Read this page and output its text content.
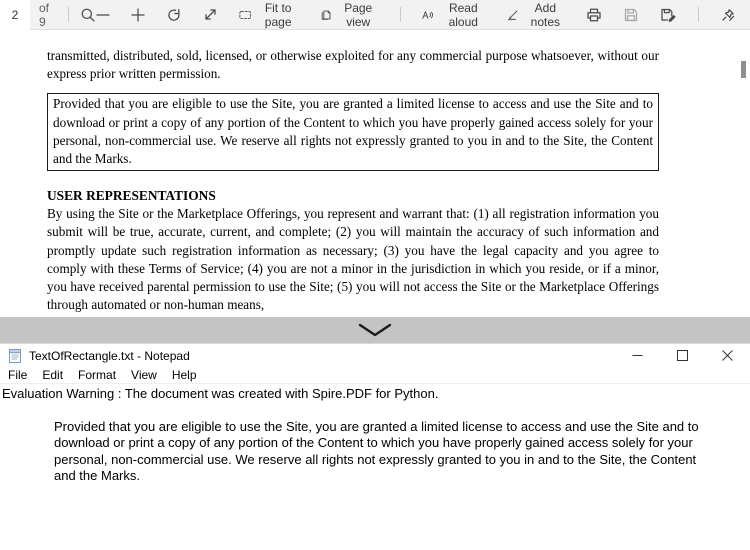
2
of 9
Fit to page
Page view
Read aloud
Add notes

transmitted, distributed, sold, licensed, or otherwise exploited for any commercial purpose whatsoever, without our express prior written permission.

Provided that you are eligible to use the Site, you are granted a limited license to access and use the Site and to download or print a copy of any portion of the Content to which you have properly gained access solely for your personal, non-commercial use. We reserve all rights not expressly granted to you in and to the Site, the Content and the Marks.
USER REPRESENTATIONS

By using the Site or the Marketplace Offerings, you represent and warrant that: (1) all registration information you submit will be true, accurate, current, and complete; (2) you will maintain the accuracy of such information and promptly update such registration information as necessary; (3) you have the legal capacity and you agree to comply with these Terms of Service; (4) you are not a minor in the jurisdiction in which you reside, or if a minor, you have received parental permission to use the Site; (5) you will not access the Site or the Marketplace Offerings through automated or non-human means,

TextOfRectangle.txt - Notepad
File Edit Format View Help
Evaluation Warning : The document was created with Spire.PDF for Python.
Provided that you are eligible to use the Site, you are granted a limited license to access and use the Site and to download or print a copy of any portion of the Content to which you have properly gained access solely for your personal, non-commercial use. We reserve all rights not expressly granted to you in and to the Site, the Content and the Marks.
